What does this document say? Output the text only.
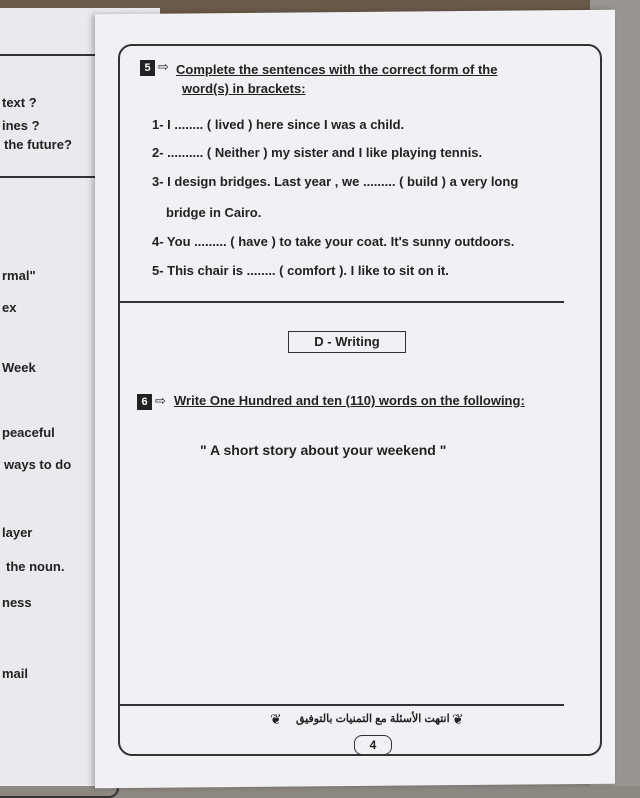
text ?
ines ?
the future?
rmal"
ex
Week
peaceful
ways to do
layer
the noun.
ness
mail
5 ⇨ Complete the sentences with the correct form of the
word(s) in brackets:
1- I ........ ( lived ) here since I was a child.
2- .......... ( Neither ) my sister and I like playing tennis.
3- I design bridges. Last year , we ......... ( build ) a very long
bridge in Cairo.
4- You ......... ( have ) to take your coat. It's sunny outdoors.
5- This chair is ........ ( comfort ). I like to sit on it.
D - Writing
6 ⇨ Write One Hundred and ten (110) words on the following:
" A short story about your weekend "
❦ انتهت الأسئلة مع التمنيات بالتوفيق ❦
4
